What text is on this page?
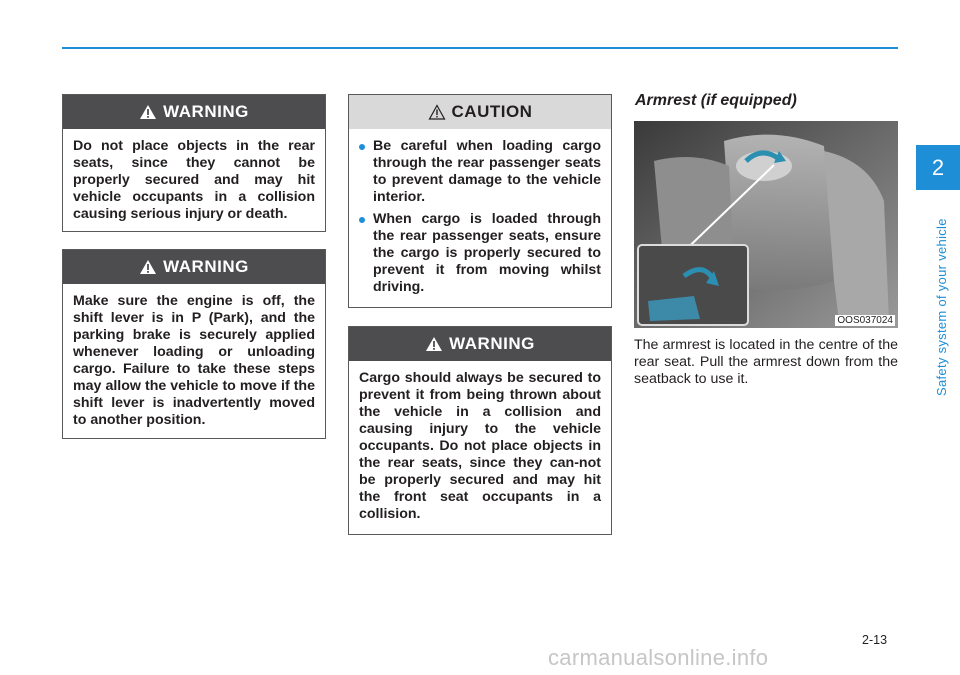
2
Safety system of your vehicle
WARNING
Do not place objects in the rear seats, since they cannot be properly secured and may hit vehicle occupants in a collision causing serious injury or death.
WARNING
Make sure the engine is off, the shift lever is in P (Park), and the parking brake is securely applied whenever loading or unloading cargo. Failure to take these steps may allow the vehicle to move if the shift lever is inadvertently moved to another position.
CAUTION
Be careful when loading cargo through the rear passenger seats to prevent damage to the vehicle interior.
When cargo is loaded through the rear passenger seats, ensure the cargo is properly secured to prevent it from moving whilst driving.
WARNING
Cargo should always be secured to prevent it from being thrown about the vehicle in a collision and causing injury to the vehicle occupants. Do not place objects in the rear seats, since they can-not be properly secured and may hit the front seat occupants in a collision.
Armrest (if equipped)
OOS037024
The armrest is located in the centre of the rear seat. Pull the armrest down from the seatback to use it.
2-13
carmanualsonline.info
